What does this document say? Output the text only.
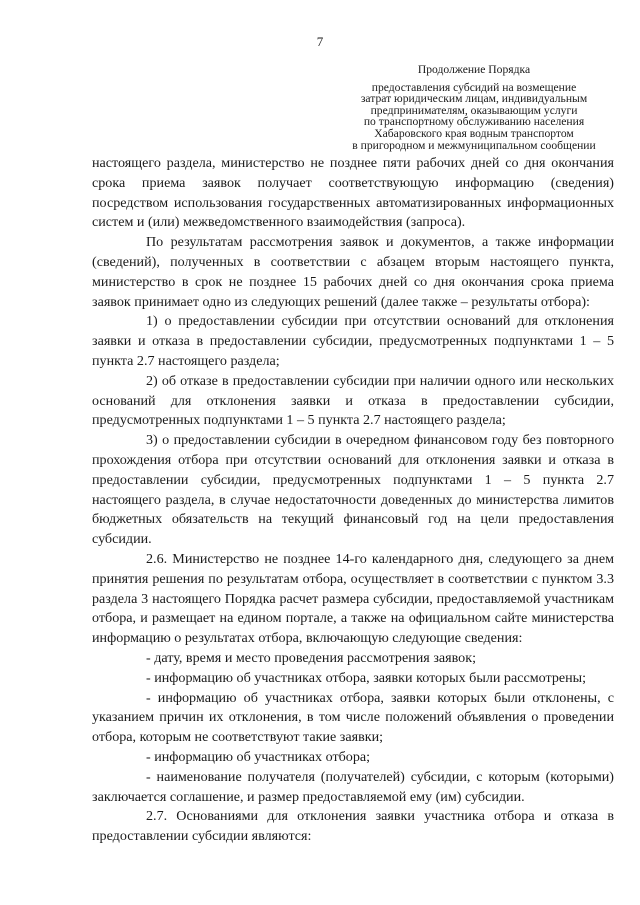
7
Продолжение Порядка
предоставления субсидий на возмещение
затрат юридическим лицам, индивидуальным
предпринимателям, оказывающим услуги
по транспортному обслуживанию населения
Хабаровского края водным транспортом
в пригородном и межмуниципальном сообщении

настоящего раздела, министерство не позднее пяти рабочих дней со дня окончания срока приема заявок получает соответствующую информацию (сведения) посредством использования государственных автоматизированных информационных систем и (или) межведомственного взаимодействия (запроса).

По результатам рассмотрения заявок и документов, а также информации (сведений), полученных в соответствии с абзацем вторым настоящего пункта, министерство в срок не позднее 15 рабочих дней со дня окончания срока приема заявок принимает одно из следующих решений (далее также – результаты отбора):

1) о предоставлении субсидии при отсутствии оснований для отклонения заявки и отказа в предоставлении субсидии, предусмотренных подпунктами 1 – 5 пункта 2.7 настоящего раздела;

2) об отказе в предоставлении субсидии при наличии одного или нескольких оснований для отклонения заявки и отказа в предоставлении субсидии, предусмотренных подпунктами 1 – 5 пункта 2.7 настоящего раздела;

3) о предоставлении субсидии в очередном финансовом году без повторного прохождения отбора при отсутствии оснований для отклонения заявки и отказа в предоставлении субсидии, предусмотренных подпунктами 1 – 5 пункта 2.7 настоящего раздела, в случае недостаточности доведенных до министерства лимитов бюджетных обязательств на текущий финансовый год на цели предоставления субсидии.

2.6. Министерство не позднее 14-го календарного дня, следующего за днем принятия решения по результатам отбора, осуществляет в соответствии с пунктом 3.3 раздела 3 настоящего Порядка расчет размера субсидии, предоставляемой участникам отбора, и размещает на едином портале, а также на официальном сайте министерства информацию о результатах отбора, включающую следующие сведения:

- дату, время и место проведения рассмотрения заявок;

- информацию об участниках отбора, заявки которых были рассмотрены;

- информацию об участниках отбора, заявки которых были отклонены, с указанием причин их отклонения, в том числе положений объявления о проведении отбора, которым не соответствуют такие заявки;

- информацию об участниках отбора;

- наименование получателя (получателей) субсидии, с которым (которыми) заключается соглашение, и размер предоставляемой ему (им) субсидии.

2.7. Основаниями для отклонения заявки участника отбора и отказа в предоставлении субсидии являются:
